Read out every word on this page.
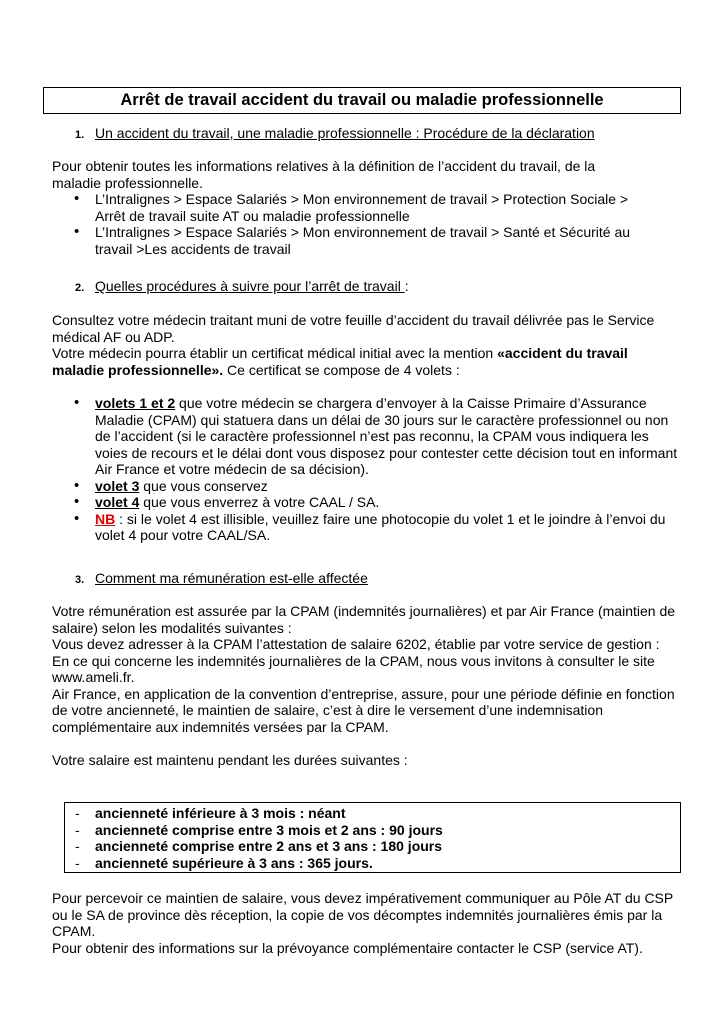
Arrêt de travail accident du travail ou maladie professionnelle
1. Un accident du travail, une maladie professionnelle : Procédure de la déclaration

Pour obtenir toutes les informations relatives à la définition de l’accident du travail, de la maladie professionnelle.

• L’Intralignes > Espace Salariés > Mon environnement de travail > Protection Sociale > Arrêt de travail suite AT ou maladie professionnelle
• L’Intralignes > Espace Salariés > Mon environnement de travail > Santé et Sécurité au travail >Les accidents de travail
2. Quelles procédures à suivre pour l’arrêt de travail :

Consultez votre médecin traitant muni de votre feuille d’accident du travail délivrée pas le Service médical AF ou ADP.

Votre médecin pourra établir un certificat médical initial avec la mention «accident du travail maladie professionnelle». Ce certificat se compose de 4 volets :

• volets 1 et 2 que votre médecin se chargera d’envoyer à la Caisse Primaire d’Assurance Maladie (CPAM) qui statuera dans un délai de 30 jours sur le caractère professionnel ou non de l’accident (si le caractère professionnel n’est pas reconnu, la CPAM vous indiquera les voies de recours et le délai dont vous disposez pour contester cette décision tout en informant Air France et votre médecin de sa décision).
• volet 3 que vous conservez
• volet 4 que vous enverrez à votre CAAL / SA.
• NB : si le volet 4 est illisible, veuillez faire une photocopie du volet 1 et le joindre à l’envoi du volet 4 pour votre CAAL/SA.
3. Comment ma rémunération est-elle affectée

Votre rémunération est assurée par la CPAM (indemnités journalières) et par Air France (maintien de salaire) selon les modalités suivantes :

Vous devez adresser à la CPAM l’attestation de salaire 6202, établie par votre service de gestion :

En ce qui concerne les indemnités journalières de la CPAM, nous vous invitons à consulter le site www.ameli.fr.

Air France, en application de la convention d’entreprise, assure, pour une période définie en fonction de votre ancienneté, le maintien de salaire, c’est à dire le versement d’une indemnisation complémentaire aux indemnités versées par la CPAM.

Votre salaire est maintenu pendant les durées suivantes :

- ancienneté inférieure à 3 mois : néant
- ancienneté comprise entre 3 mois et 2 ans : 90 jours
- ancienneté comprise entre 2 ans et 3 ans : 180 jours
- ancienneté supérieure à 3 ans : 365 jours.

Pour percevoir ce maintien de salaire, vous devez impérativement communiquer au Pôle AT du CSP ou le SA de province dès réception, la copie de vos décomptes indemnités journalières émis par la CPAM.

Pour obtenir des informations sur la prévoyance complémentaire contacter le CSP (service AT).
